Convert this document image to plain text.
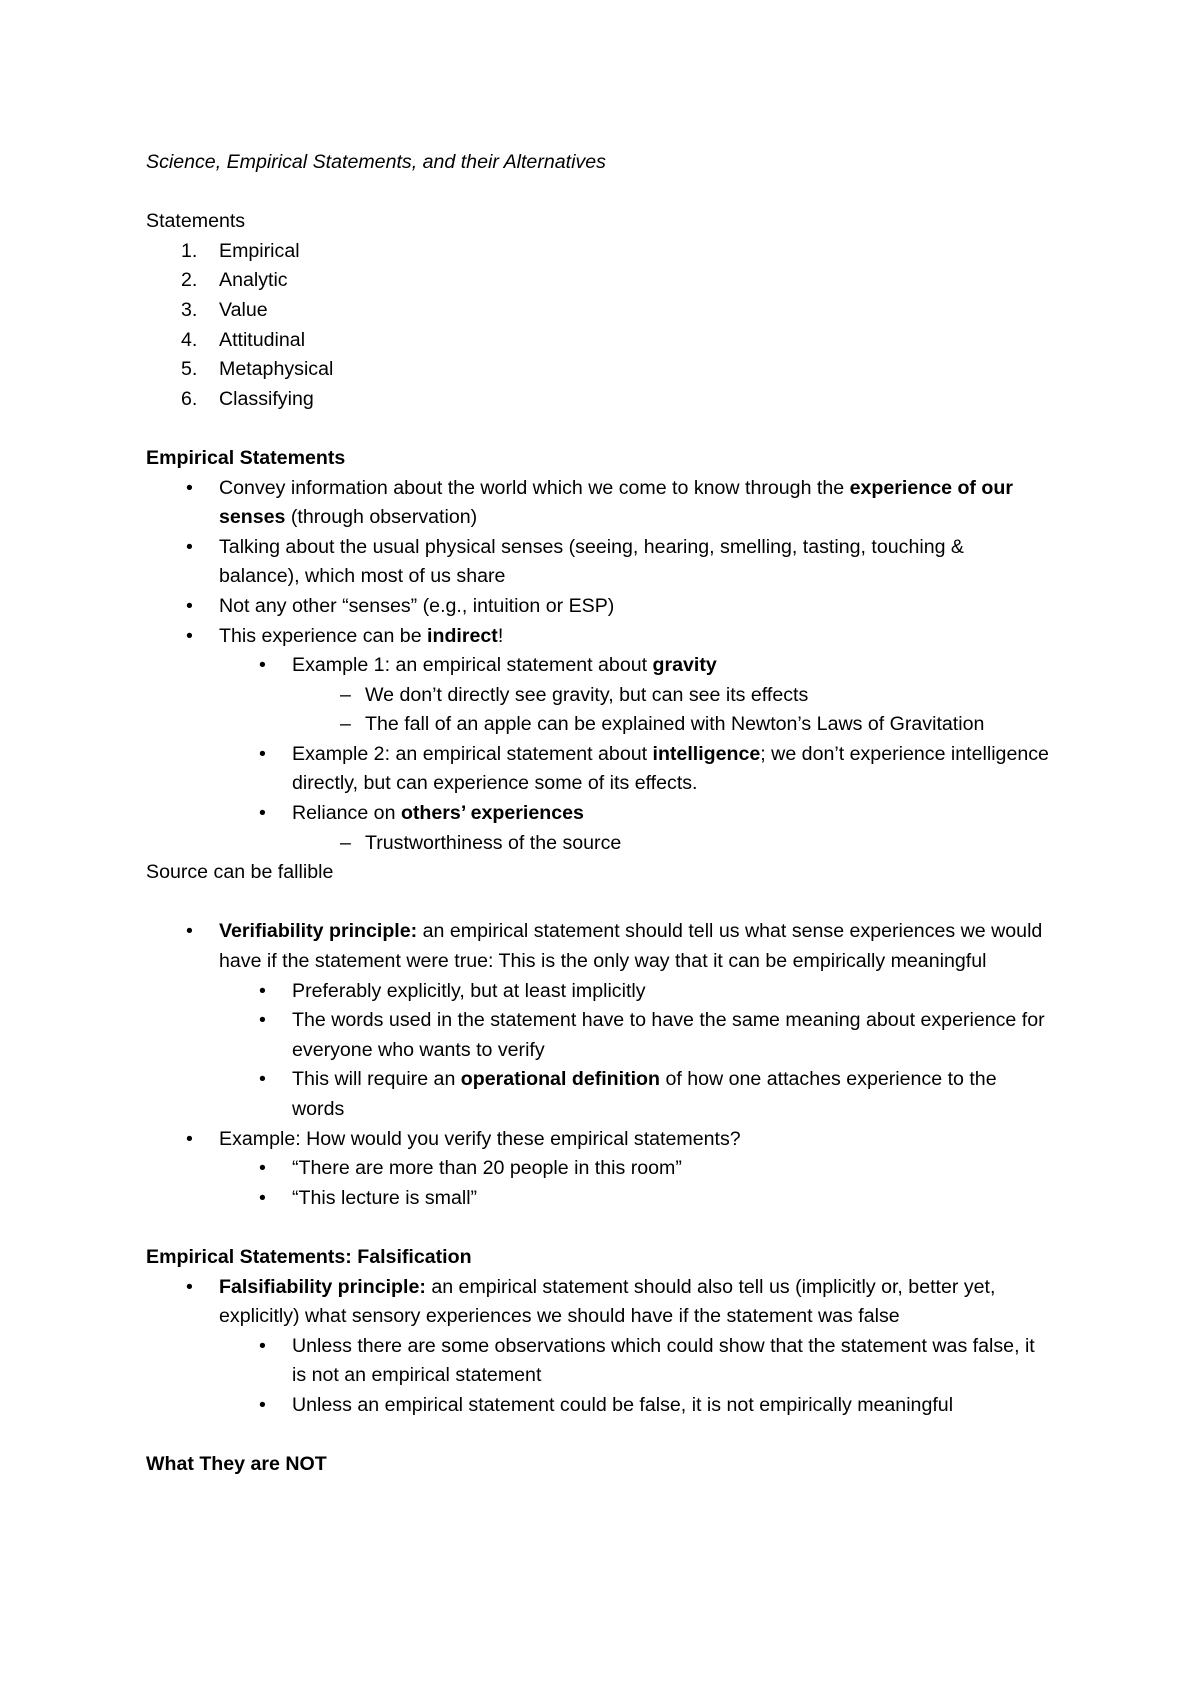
Science, Empirical Statements, and their Alternatives
Statements
1. Empirical
2. Analytic
3. Value
4. Attitudinal
5. Metaphysical
6. Classifying
Empirical Statements
• Convey information about the world which we come to know through the experience of our senses (through observation)
• Talking about the usual physical senses (seeing, hearing, smelling, tasting, touching & balance), which most of us share
• Not any other “senses” (e.g., intuition or ESP)
• This experience can be indirect!
• Example 1: an empirical statement about gravity
– We don’t directly see gravity, but can see its effects
– The fall of an apple can be explained with Newton’s Laws of Gravitation
• Example 2: an empirical statement about intelligence; we don’t experience intelligence directly, but can experience some of its effects.
• Reliance on others’ experiences
– Trustworthiness of the source
Source can be fallible
• Verifiability principle: an empirical statement should tell us what sense experiences we would have if the statement were true: This is the only way that it can be empirically meaningful
• Preferably explicitly, but at least implicitly
• The words used in the statement have to have the same meaning about experience for everyone who wants to verify
• This will require an operational definition of how one attaches experience to the words
• Example: How would you verify these empirical statements?
• “There are more than 20 people in this room”
• “This lecture is small”
Empirical Statements: Falsification
• Falsifiability principle: an empirical statement should also tell us (implicitly or, better yet, explicitly) what sensory experiences we should have if the statement was false
• Unless there are some observations which could show that the statement was false, it is not an empirical statement
• Unless an empirical statement could be false, it is not empirically meaningful
What They are NOT
